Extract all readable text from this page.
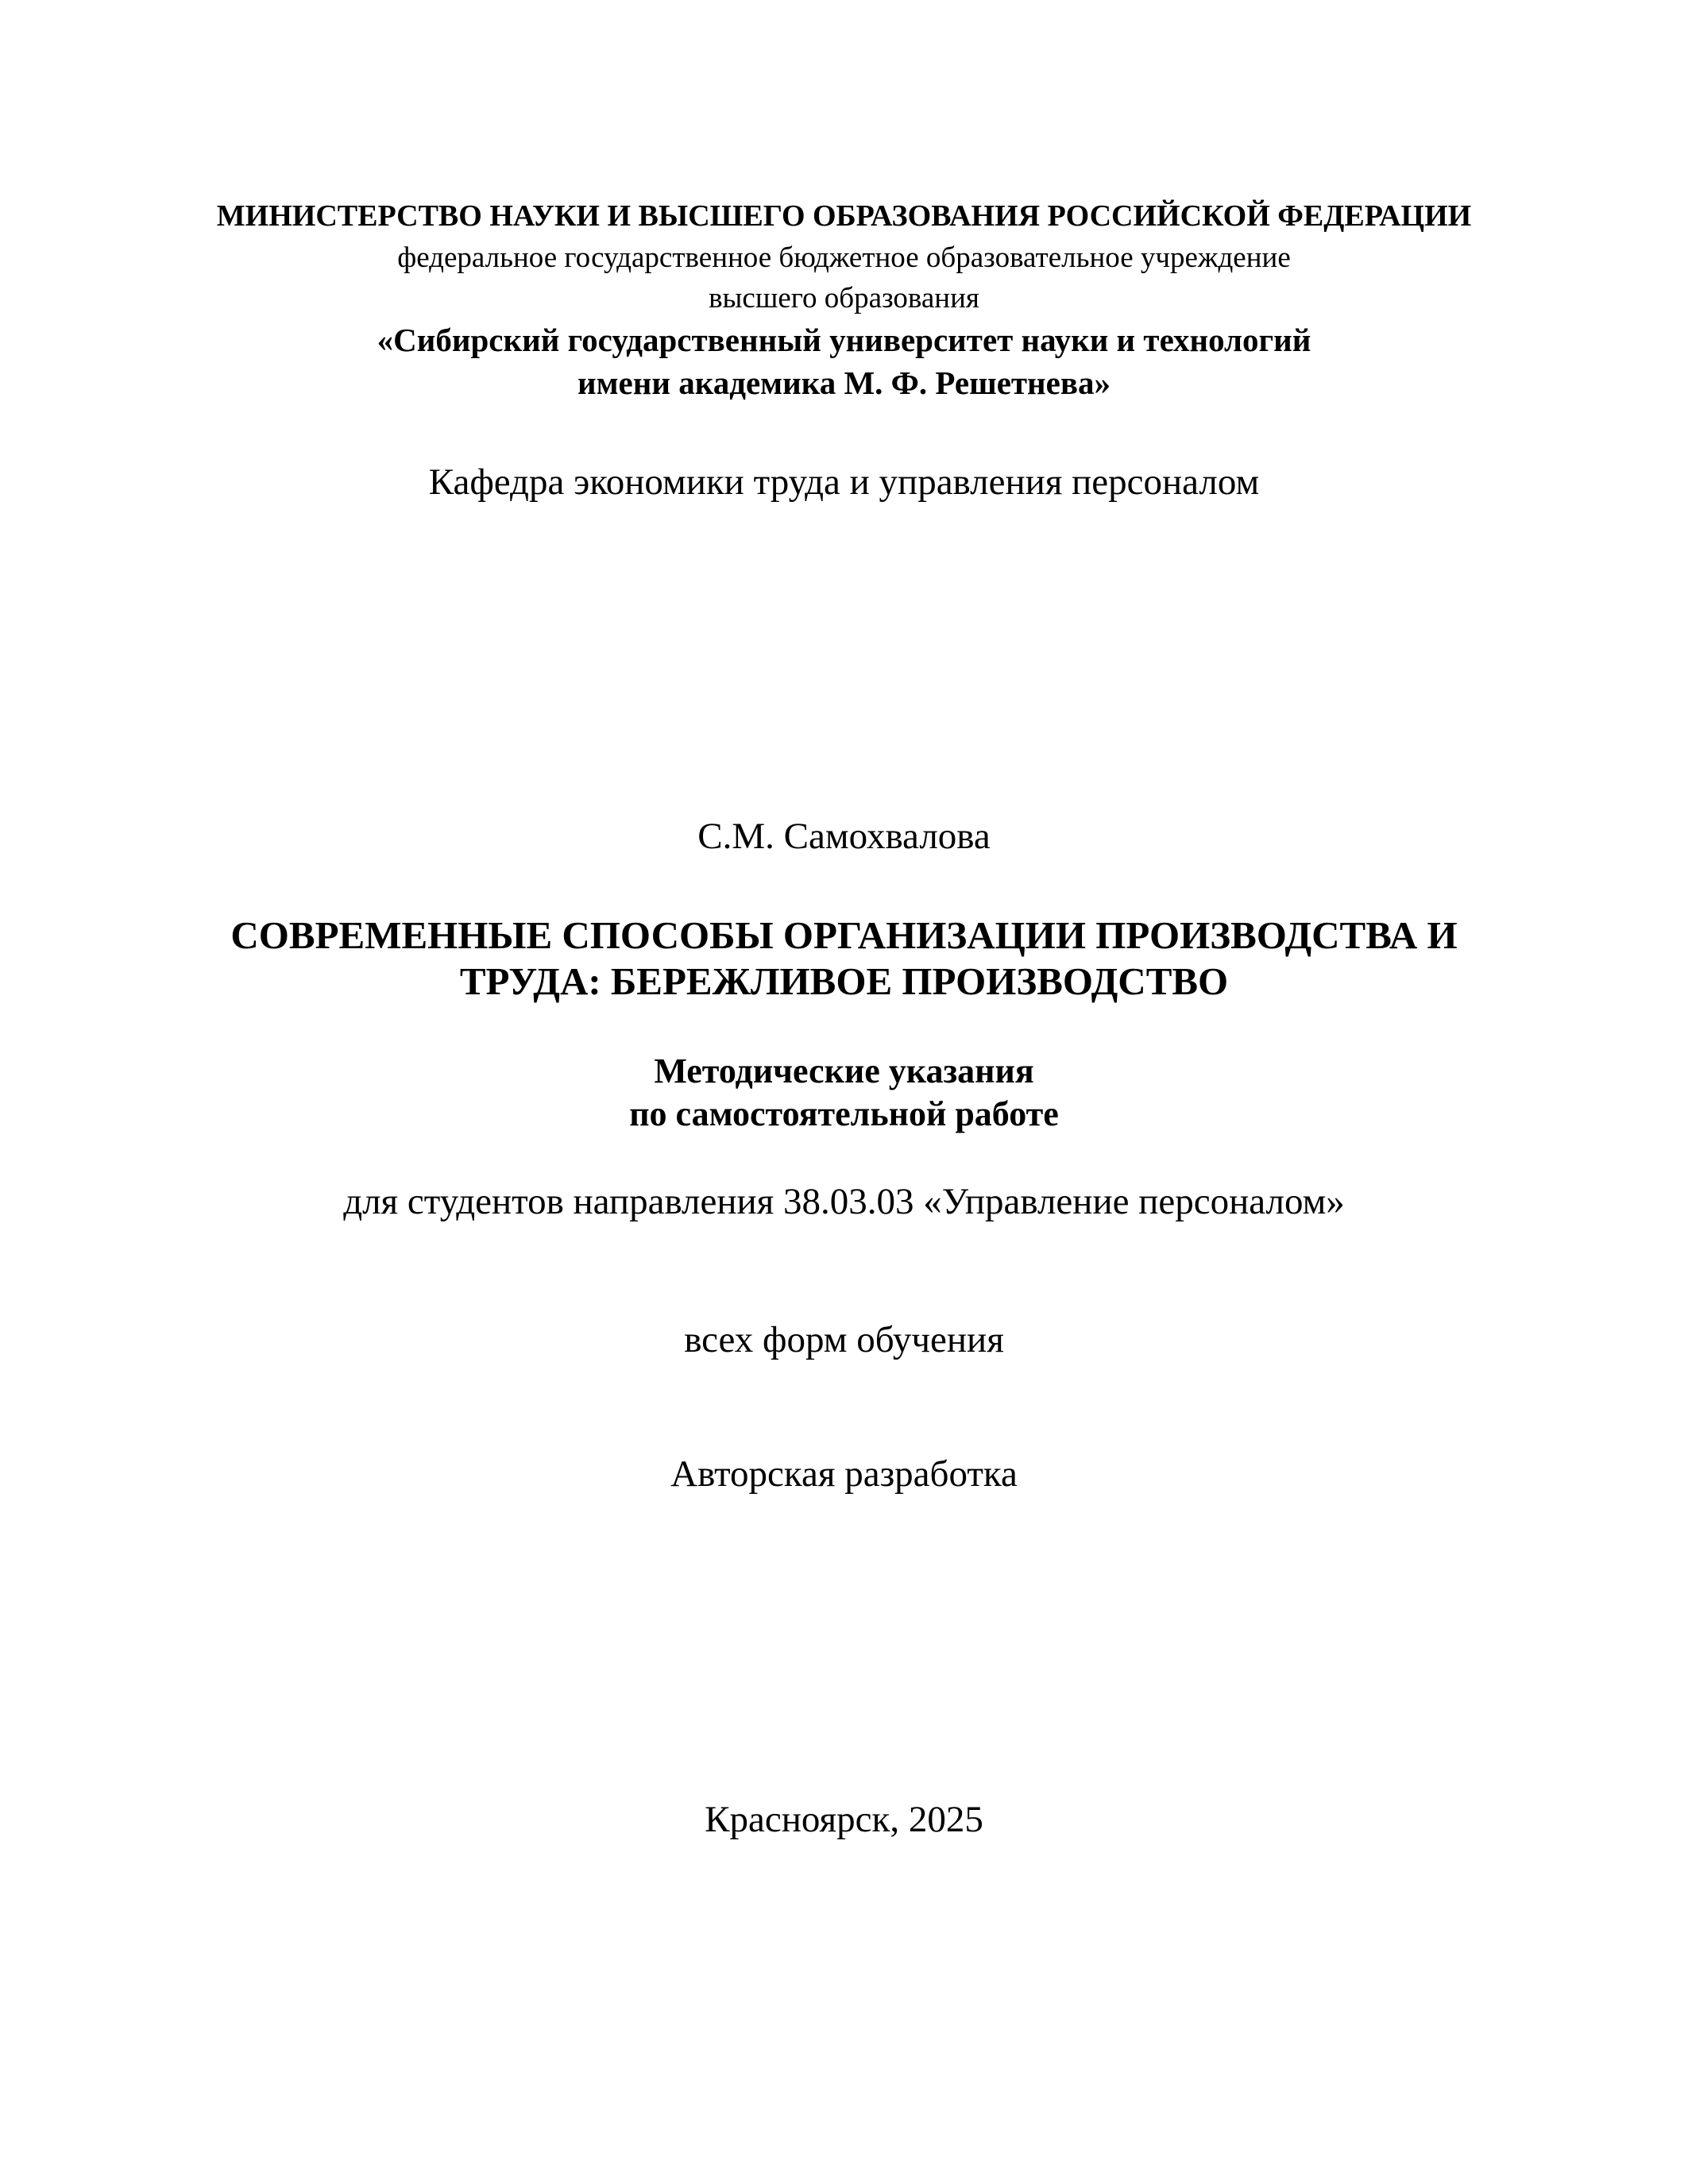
МИНИСТЕРСТВО НАУКИ И ВЫСШЕГО ОБРАЗОВАНИЯ РОССИЙСКОЙ ФЕДЕРАЦИИ
федеральное государственное бюджетное образовательное учреждение
высшего образования
«Сибирский государственный университет науки и технологий
имени академика М. Ф. Решетнева»
Кафедра экономики труда и управления персоналом
С.М. Самохвалова
СОВРЕМЕННЫЕ СПОСОБЫ ОРГАНИЗАЦИИ ПРОИЗВОДСТВА И
ТРУДА: БЕРЕЖЛИВОЕ ПРОИЗВОДСТВО
Методические указания
по самостоятельной работе
для студентов направления 38.03.03 «Управление персоналом»
всех форм обучения
Авторская разработка
Красноярск, 2025
